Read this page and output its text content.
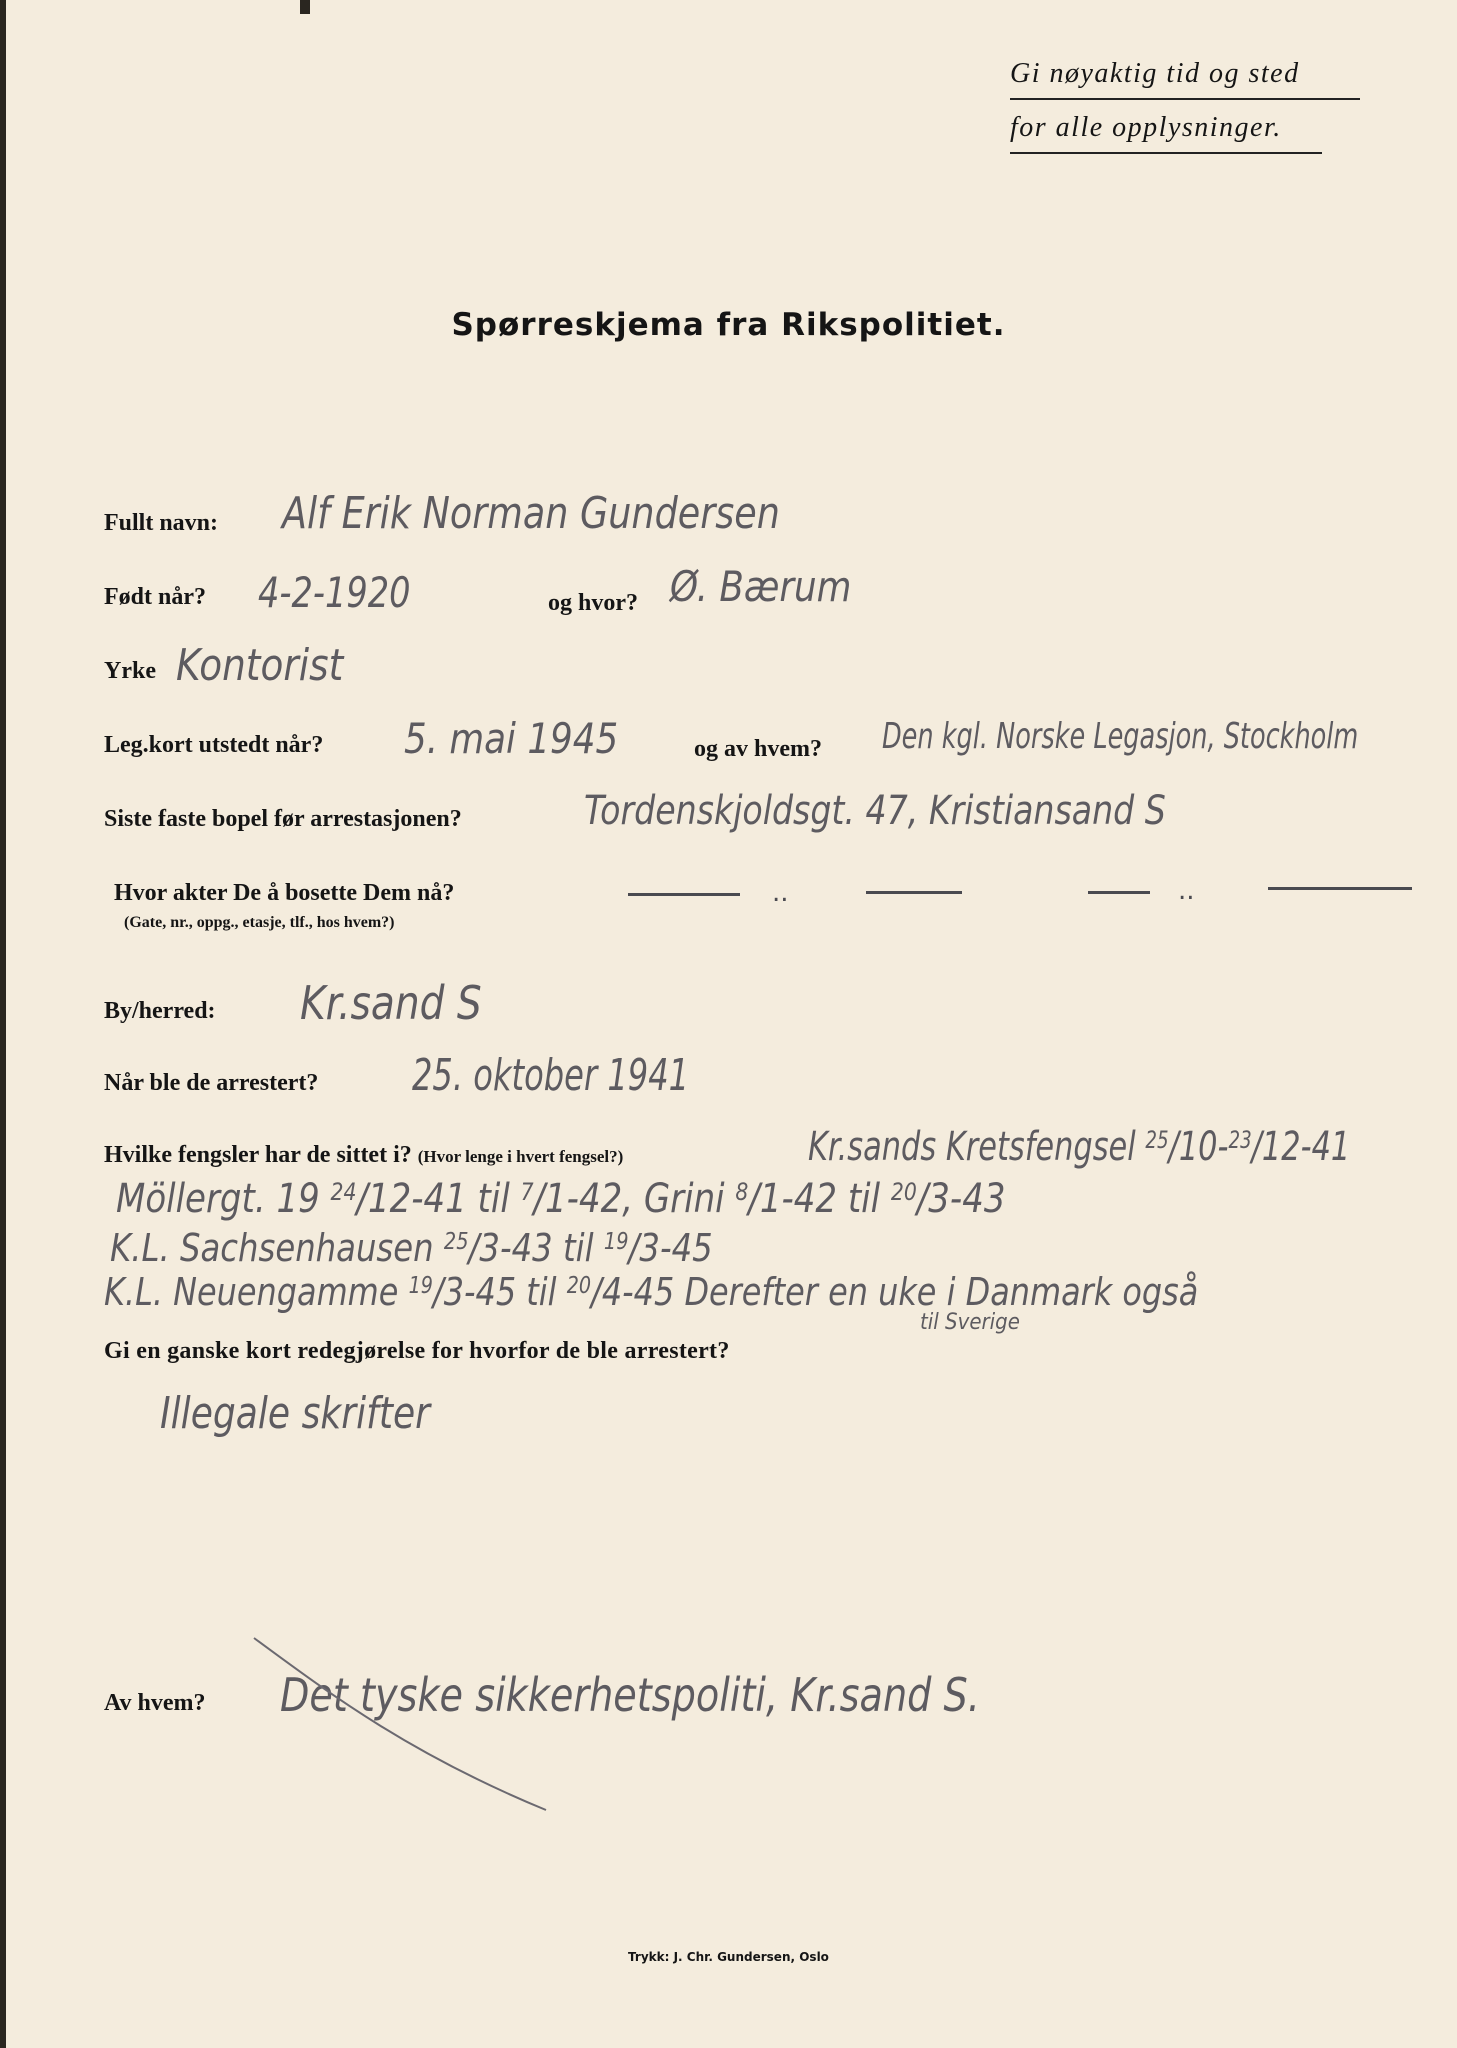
Gi nøyaktig tid og sted
for alle opplysninger.
Spørreskjema fra Rikspolitiet.
Fullt navn: Alf Erik Norman Gundersen
Født når? 4-2-1920	og hvor? Ø. Bærum
Yrke Kontorist
Leg.kort utstedt når? 5. mai 1945	og av hvem? Den kgl. Norske Legasjon, Stockholm
Siste faste bopel før arrestasjonen?	Tordenskjoldsgt. 47, Kristiansand S
Hvor akter De å bosette Dem nå?
(Gate, nr., oppg., etasje, tlf., hos hvem?)
..	..
By/herred: Kr.sand S
Når ble de arrestert? 25. oktober 1941
Hvilke fengsler har de sittet i? (Hvor lenge i hvert fengsel?)	Kr.sands Kretsfengsel $^{25}$/10-$^{23}$/12-41
Möllergt. 19 $^{24}$/12-41 til $^7$/1-42, Grini $^8$/1-42 til $^{20}$/3-43
K.L. Sachsenhausen $^{25}$/3-43 til $^{19}$/3-45
K.L. Neuengamme $^{19}$/3-45 til $^{20}$/4-45 Derefter en uke i Danmark også
til Sverige
Gi en ganske kort redegjørelse for hvorfor de ble arrestert?
Illegale skrifter
Av hvem? Det tyske sikkerhetspoliti, Kr.sand S.
Trykk: J. Chr. Gundersen, Oslo
